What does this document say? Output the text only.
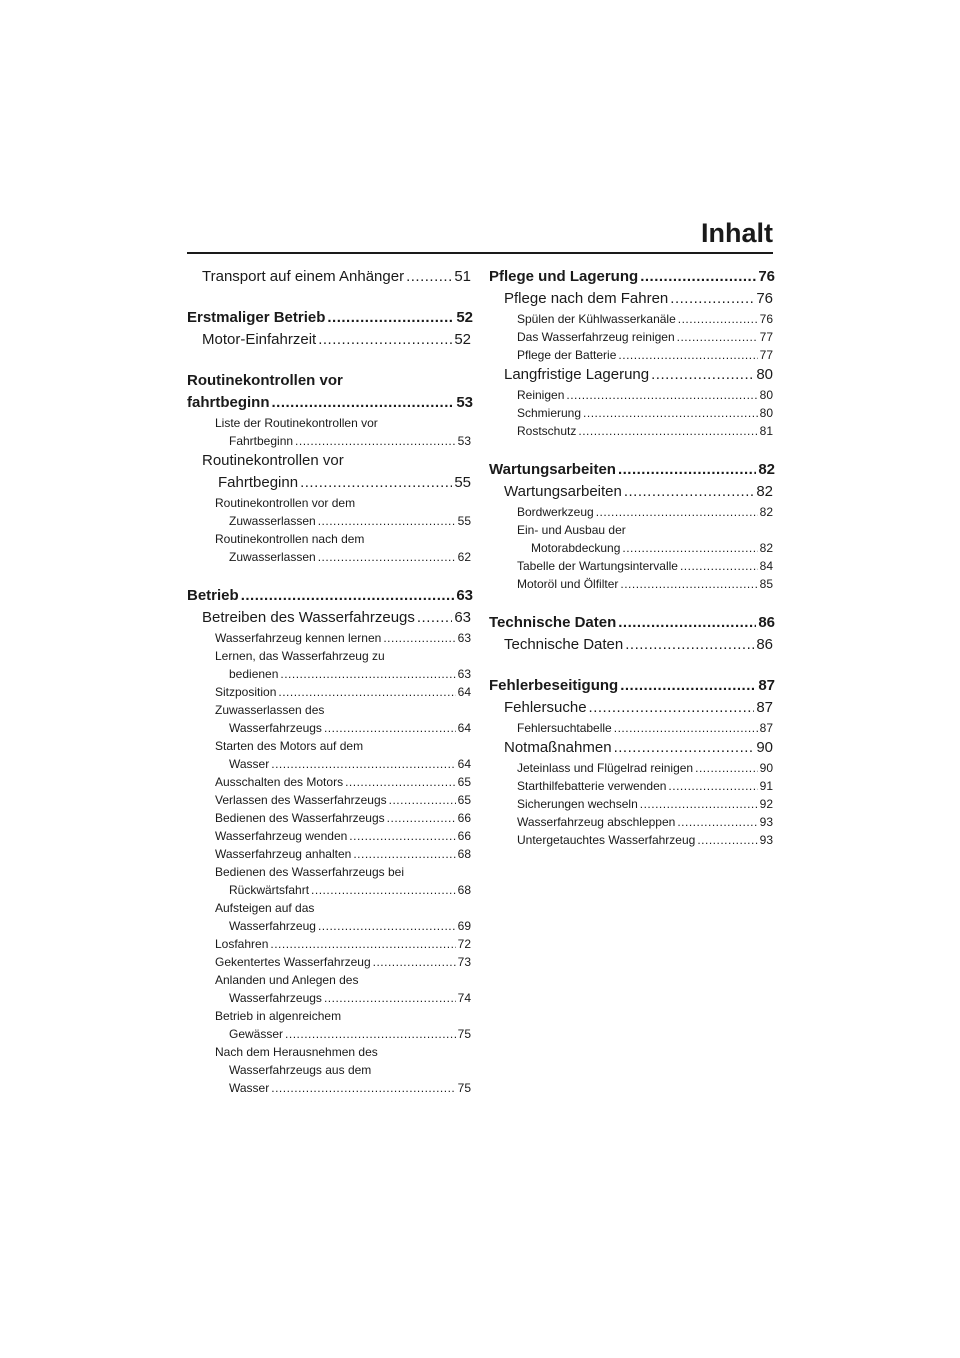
Inhalt
Transport auf einem Anhänger .....	51
Erstmaliger Betrieb .....	52
Motor-Einfahrzeit .....	52
Routinekontrollen vor
fahrtbeginn .....	53
Liste der Routinekontrollen vor
Fahrtbeginn .....	53
Routinekontrollen vor
Fahrtbeginn .....	55
Routinekontrollen vor dem
Zuwasserlassen .....	55
Routinekontrollen nach dem
Zuwasserlassen .....	62
Betrieb .....	63
Betreiben des Wasserfahrzeugs .....	63
Wasserfahrzeug kennen lernen .....	63
Lernen, das Wasserfahrzeug zu
bedienen .....	63
Sitzposition .....	64
Zuwasserlassen des
Wasserfahrzeugs .....	64
Starten des Motors auf dem
Wasser .....	64
Ausschalten des Motors .....	65
Verlassen des Wasserfahrzeugs .....	65
Bedienen des Wasserfahrzeugs .....	66
Wasserfahrzeug wenden .....	66
Wasserfahrzeug anhalten .....	68
Bedienen des Wasserfahrzeugs bei
Rückwärtsfahrt .....	68
Aufsteigen auf das
Wasserfahrzeug .....	69
Losfahren .....	72
Gekentertes Wasserfahrzeug .....	73
Anlanden und Anlegen des
Wasserfahrzeugs .....	74
Betrieb in algenreichem
Gewässer .....	75
Nach dem Herausnehmen des
Wasserfahrzeugs aus dem
Wasser .....	75
Pflege und Lagerung .....	76
Pflege nach dem Fahren .....	76
Spülen der Kühlwasserkanäle .....	76
Das Wasserfahrzeug reinigen .....	77
Pflege der Batterie .....	77
Langfristige Lagerung .....	80
Reinigen .....	80
Schmierung .....	80
Rostschutz .....	81
Wartungsarbeiten .....	82
Wartungsarbeiten .....	82
Bordwerkzeug .....	82
Ein- und Ausbau der
Motorabdeckung .....	82
Tabelle der Wartungsintervalle .....	84
Motoröl und Ölfilter .....	85
Technische Daten .....	86
Technische Daten .....	86
Fehlerbeseitigung .....	87
Fehlersuche .....	87
Fehlersuchtabelle .....	87
Notmaßnahmen .....	90
Jeteinlass und Flügelrad reinigen .....	90
Starthilfebatterie verwenden .....	91
Sicherungen wechseln .....	92
Wasserfahrzeug abschleppen .....	93
Untergetauchtes Wasserfahrzeug .....	93
